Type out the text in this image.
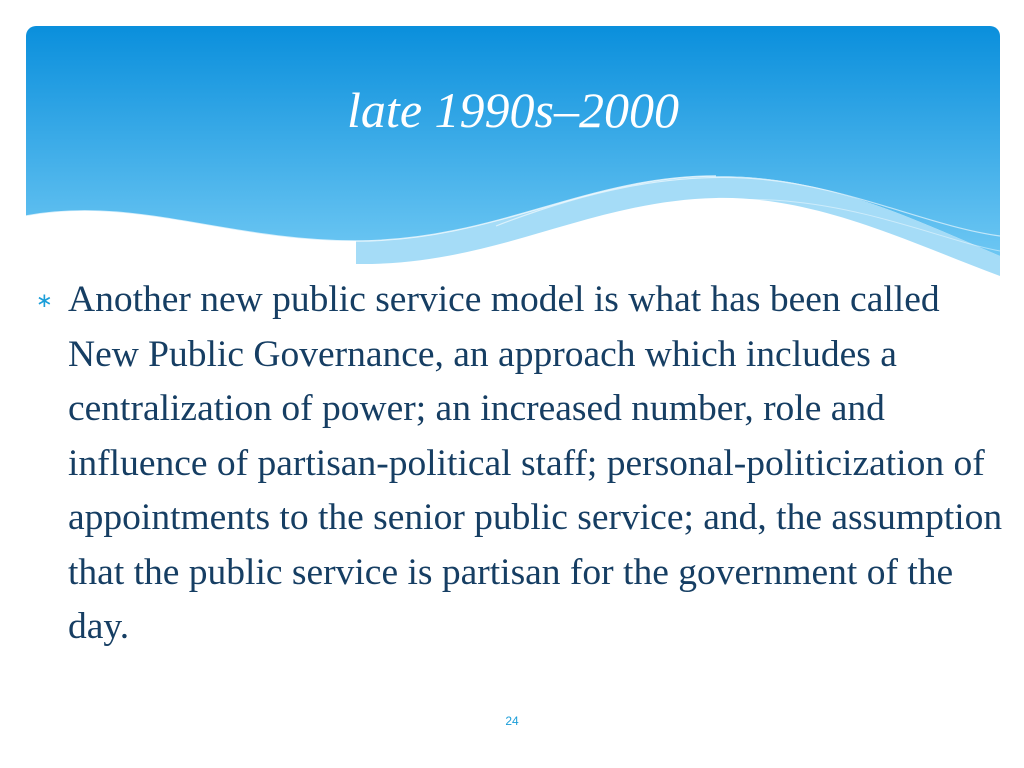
late 1990s–2000
∗ Another new public service model is what has been called New Public Governance, an approach which includes a centralization of power; an increased number, role and influence of partisan-political staff; personal-politicization of appointments to the senior public service; and, the assumption that the public service is partisan for the government of the day.

24
